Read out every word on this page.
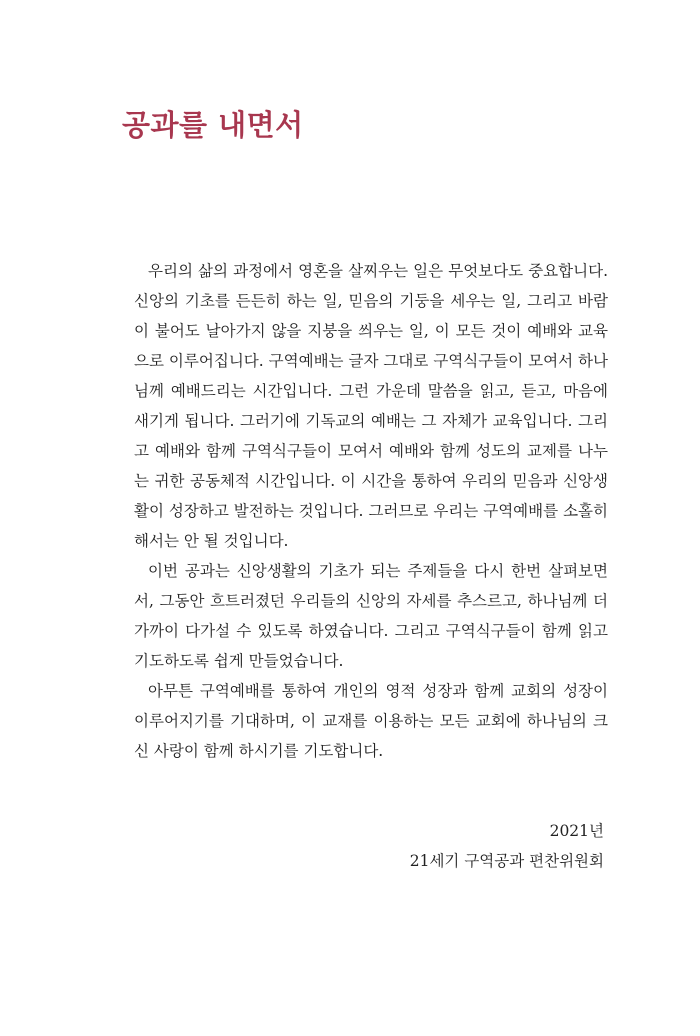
공과를 내면서

우리의 삶의 과정에서 영혼을 살찌우는 일은 무엇보다도 중요합니다. 신앙의 기초를 든든히 하는 일, 믿음의 기둥을 세우는 일, 그리고 바람이 불어도 날아가지 않을 지붕을 씌우는 일, 이 모든 것이 예배와 교육으로 이루어집니다. 구역예배는 글자 그대로 구역식구들이 모여서 하나님께 예배드리는 시간입니다. 그런 가운데 말씀을 읽고, 듣고, 마음에 새기게 됩니다. 그러기에 기독교의 예배는 그 자체가 교육입니다. 그리고 예배와 함께 구역식구들이 모여서 예배와 함께 성도의 교제를 나누는 귀한 공동체적 시간입니다. 이 시간을 통하여 우리의 믿음과 신앙생활이 성장하고 발전하는 것입니다. 그러므로 우리는 구역예배를 소홀히 해서는 안 될 것입니다.

이번 공과는 신앙생활의 기초가 되는 주제들을 다시 한번 살펴보면서, 그동안 흐트러졌던 우리들의 신앙의 자세를 추스르고, 하나님께 더 가까이 다가설 수 있도록 하였습니다. 그리고 구역식구들이 함께 읽고 기도하도록 쉽게 만들었습니다.

아무튼 구역예배를 통하여 개인의 영적 성장과 함께 교회의 성장이 이루어지기를 기대하며, 이 교재를 이용하는 모든 교회에 하나님의 크신 사랑이 함께 하시기를 기도합니다.

2021년
21세기 구역공과 편찬위원회
